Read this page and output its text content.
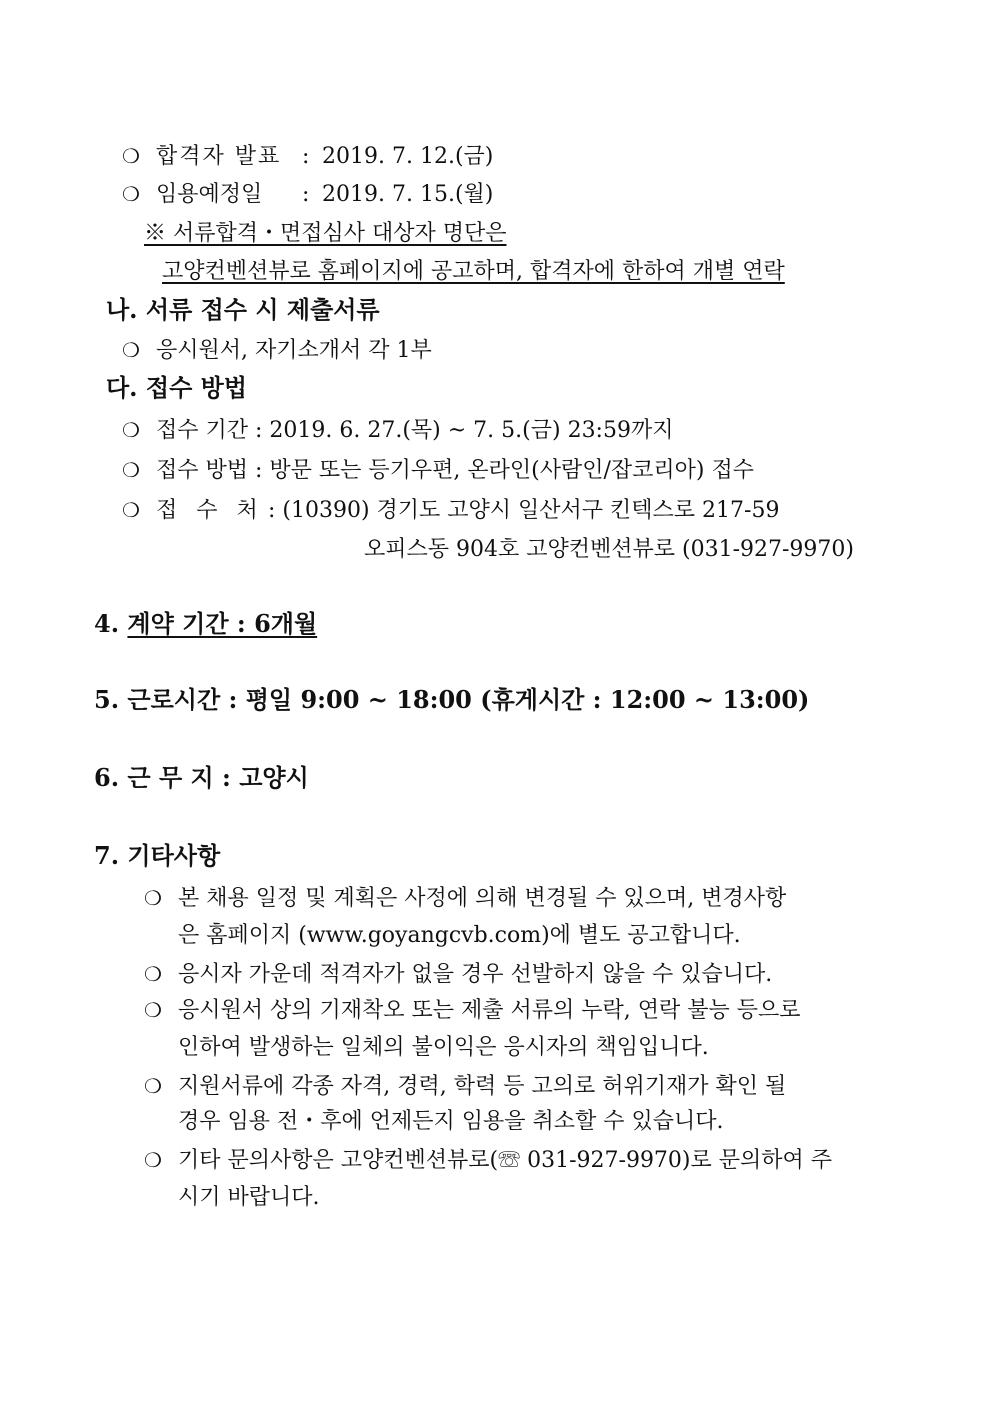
❍ 합격자 발표 : 2019. 7. 12.(금)
❍ 임용예정일 : 2019. 7. 15.(월)
※ 서류합격・면접심사 대상자 명단은
고양컨벤션뷰로 홈페이지에 공고하며, 합격자에 한하여 개별 연락
나. 서류 접수 시 제출서류
❍ 응시원서, 자기소개서 각 1부
다. 접수 방법
❍ 접수 기간 : 2019. 6. 27.(목) ~ 7. 5.(금) 23:59까지
❍ 접수 방법 : 방문 또는 등기우편, 온라인(사람인/잡코리아) 접수
❍ 접 수 처 : (10390) 경기도 고양시 일산서구 킨텍스로 217-59
오피스동 904호 고양컨벤션뷰로 (031-927-9970)
4. 계약 기간 : 6개월
5. 근로시간 : 평일 9:00 ~ 18:00 (휴게시간 : 12:00 ~ 13:00)
6. 근 무 지 : 고양시
7. 기타사항
❍ 본 채용 일정 및 계획은 사정에 의해 변경될 수 있으며, 변경사항
은 홈페이지 (www.goyangcvb.com)에 별도 공고합니다.
❍ 응시자 가운데 적격자가 없을 경우 선발하지 않을 수 있습니다.
❍ 응시원서 상의 기재착오 또는 제출 서류의 누락, 연락 불능 등으로
인하여 발생하는 일체의 불이익은 응시자의 책임입니다.
❍ 지원서류에 각종 자격, 경력, 학력 등 고의로 허위기재가 확인 될
경우 임용 전・후에 언제든지 임용을 취소할 수 있습니다.
❍ 기타 문의사항은 고양컨벤션뷰로(☏ 031-927-9970)로 문의하여 주
시기 바랍니다.
